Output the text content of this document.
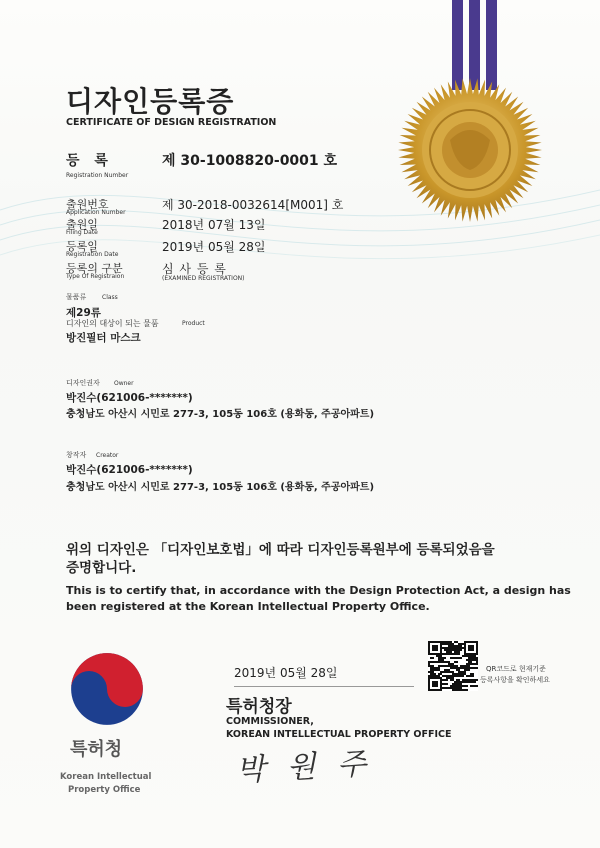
디자인등록증
CERTIFICATE OF DESIGN REGISTRATION
등 록
Registration Number
제 30-1008820-0001 호
출원번호
Application Number
제 30-2018-0032614[M001] 호
출원일
Filing Date
2018년 07월 13일
등록일
Registration Date
2019년 05월 28일
등록의 구분
Type Of Registraion
심 사 등 록
(EXAMINED REGISTRATION)
물품류	Class
제29류
디자인의 대상이 되는 물품	Product
방진필터 마스크
디자인권자 Owner
박진수(621006-*******)
충청남도 아산시 시민로 277-3, 105동 106호 (용화동, 주공아파트)
창작자 Creator
박진수(621006-*******)
충청남도 아산시 시민로 277-3, 105동 106호 (용화동, 주공아파트)
위의 디자인은 「디자인보호법」에 따라 디자인등록원부에 등록되었음을
증명합니다.
This is to certify that, in accordance with the Design Protection Act, a design has
been registered at the Korean Intellectual Property Office.
2019년 05월 28일	QR코드로 현재기준
등록사항을 확인하세요
특허청장
COMMISSIONER,
KOREAN INTELLECTUAL PROPERTY OFFICE
박 원 주
특허청
Korean Intellectual
Property Office
